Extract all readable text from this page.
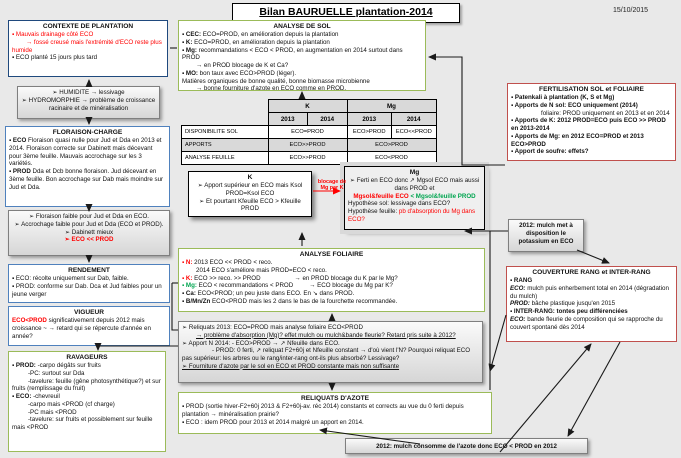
Bilan BAURUELLE plantation-2014	15/10/2015

CONTEXTE DE PLANTATION

▪ Mauvais drainage côté ECO

→ fossé creusé mais l'extrémité d'ECO reste plus humide

▪ ECO planté 15 jours plus tard

➢ HUMIDITE → lessivage

➢ HYDROMORPHIE → problème de croissance racinaire et de minéralisation

FLORAISON-CHARGE

▪ ECO Floraison quasi nulle pour Jud et Dda en 2013 et 2014. Floraison correcte sur Dabinett mais décevant pour 3ème feuille. Mauvais accrochage sur les 3 variétés.

▪ PROD Dda et Dcb bonne floraison. Jud décevant en 3ème feuille. Bon accrochage sur Dab mais moindre sur Jud et Dda.

➢ Floraison faible pour Jud et Dda en ECO.

➢ Accrochage faible pour Jud et Dda (ECO et PROD).

➢ Dabinett mieux

➢ ECO << PROD

RENDEMENT

▪ ECO: récolte uniquement sur Dab, faible.

▪ PROD: conforme sur Dab. Dca et Jud faibles pour un jeune verger

VIGUEUR

ECO<PROD significativement depuis 2012 mais croissance ~ → retard qui se répercute d'année en année?

RAVAGEURS

▪ PROD: -carpo dégâts sur fruits

-PC: surtout sur Dda

-tavelure: feuille (gêne photosynthétique?) et sur fruits (remplissage du fruit)

▪ ECO: -chevreuil

-carpo mais <PROD (cf charge)

-PC mais <PROD

-tavelure: sur fruits et possiblement sur feuille mais <PROD

ANALYSE DE SOL

▪ CEC: ECO=PROD, en amélioration depuis la plantation

▪ K: ECO=PROD, en amélioration depuis la plantation

▪ Mg: recommandations < ECO < PROD, en augmentation en 2014 surtout dans PROD

→ en PROD blocage de K et Ca?

▪ MO: bon taux avec ECO>PROD (léger).

Matières organiques de bonne qualité, bonne biomasse microbienne

→ bonne fourniture d'azote en ECO comme en PROD.

	K		Mg	
	2013	2014	2013	2014
DISPONIBILITE SOL	ECO=PROD		ECO>PROD	ECO<<PROD
APPORTS	ECO>>PROD		ECO>PROD	
ANALYSE FEUILLE	ECO>>PROD		ECO<PROD	

K

➢ Apport supérieur en ECO mais Ksol PROD=Ksol ECO

➢ Et pourtant Kfeuille ECO > Kfeuille PROD

blocage de Mg par K

Mg

➢ Ferti en ECO donc ↗ Mgsol ECO mais aussi dans PROD et

Mgsol&feuille ECO < Mgsol&feuille PROD

Hypothèse sol: lessivage dans ECO?

Hypothèse feuille: pb d'absorption du Mg dans ECO?

ANALYSE FOLIAIRE

▪ N: 2013 ECO << PROD < reco.

2014 ECO s'améliore mais PROD=ECO < reco.

▪ K: ECO >> reco. >> PROD	→ en PROD blocage du K par le Mg?

▪ Mg: ECO < recommandations < PROD	→ ECO blocage du Mg par K?

▪ Ca: ECO<PROD; un peu juste dans ECO. En ↘ dans PROD.

▪ B/Mn/Zn ECO<PROD mais les 2 dans le bas de la fourchette recommandée.

➢ Reliquats 2013: ECO=PROD mais analyse foliaire ECO<PROD

→ problème d'absorption (Mg)? effet mulch ou mulch&bande fleurie? Retard pris suite à 2012?

➢ Apport N 2014: - ECO>PROD → ↗ Nfeuille dans ECO.

- PROD: 0 ferti, ↗ reliquat F2+60j et Nfeuille constant → d'où vient l'N? Pourquoi reliquat ECO pas supérieur: les arbres ou le rang/inter-rang ont-ils plus absorbé? Lessivage?

➢ Fourniture d'azote par le sol en ECO et PROD constante mais non suffisante

RELIQUATS D'AZOTE

▪ PROD (sortie hiver-F2+60j 2013 & F2+60j-av. réc 2014) constants et corrects au vue du 0 ferti depuis plantation → minéralisation prairie?

▪ ECO : idem PROD pour 2013 et 2014 malgré un apport en 2014.

2012: mulch consomme de l'azote donc ECO < PROD en 2012

FERTILISATION SOL et FOLIAIRE

▪ Patenkali à plantation (K, S et Mg)

▪ Apports de N sol: ECO uniquement (2014)

foliaire: PROD uniquement en 2013 et en 2014

▪ Apports de K: 2012 PROD=ECO puis ECO >> PROD en 2013-2014

▪ Apports de Mg: en 2012 ECO=PROD et 2013 ECO>PROD

▪ Apport de soufre: effets?

2012: mulch met à disposition le potassium en ECO

COUVERTURE RANG et INTER-RANG

▪ RANG

ECO: mulch puis enherbement total en 2014 (dégradation du mulch)

PROD: bâche plastique jusqu'en 2015

▪ INTER-RANG: tontes peu différenciées

ECO: bande fleurie de composition qui se rapproche du couvert spontané dès 2014
